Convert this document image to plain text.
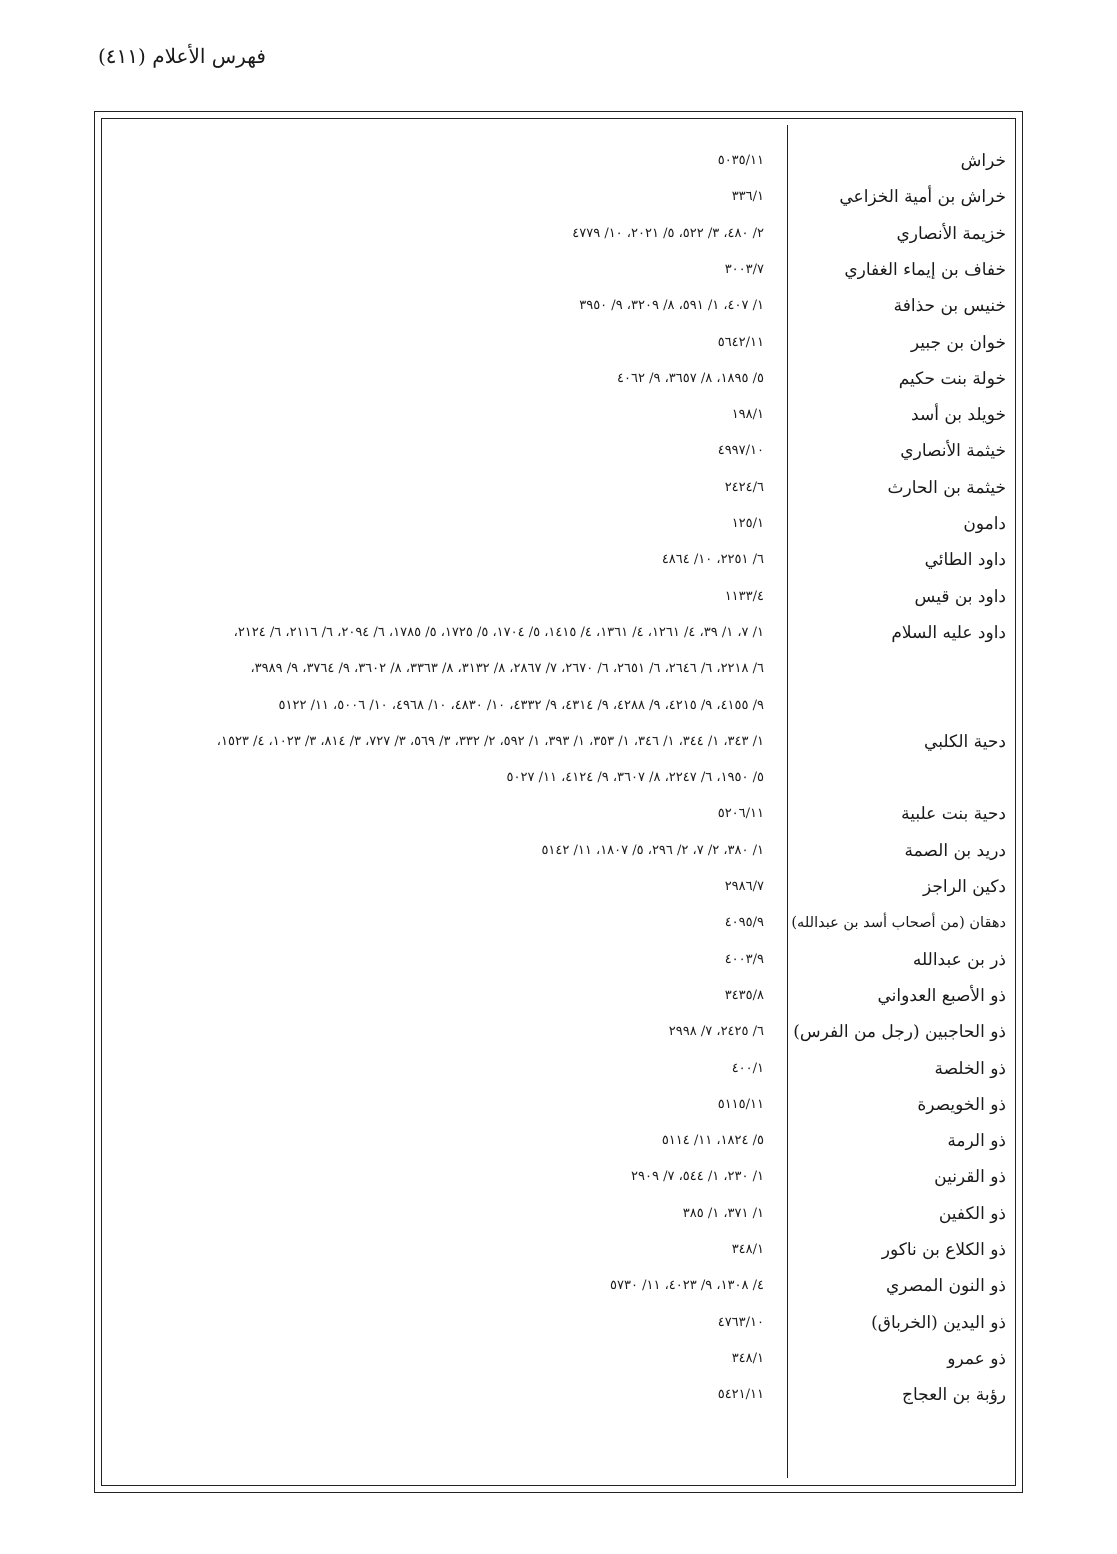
فهرس الأعلام (٤١١)
خراش
٥٠٣٥/١١
خراش بن أمية الخزاعي
٣٣٦/١
خزيمة الأنصاري
٢/ ٤٨٠، ٣/ ٥٢٢، ٥/ ٢٠٢١، ١٠/ ٤٧٧٩
خفاف بن إيماء الغفاري
٣٠٠٣/٧
خنيس بن حذافة
١/ ٤٠٧، ١/ ٥٩١، ٨/ ٣٢٠٩، ٩/ ٣٩٥٠
خوان بن جبير
٥٦٤٢/١١
خولة بنت حكيم
٥/ ١٨٩٥، ٨/ ٣٦٥٧، ٩/ ٤٠٦٢
خويلد بن أسد
١٩٨/١
خيثمة الأنصاري
٤٩٩٧/١٠
خيثمة بن الحارث
٢٤٢٤/٦
دامون
١٢٥/١
داود الطائي
٦/ ٢٢٥١، ١٠/ ٤٨٦٤
داود بن قيس
١١٣٣/٤
داود عليه السلام
١/ ٧، ١/ ٣٩، ٤/ ١٢٦١، ٤/ ١٣٦١، ٤/ ١٤١٥، ٥/ ١٧٠٤، ٥/ ١٧٢٥، ٥/ ١٧٨٥، ٦/ ٢٠٩٤، ٦/ ٢١١٦، ٦/ ٢١٢٤،
٦/ ٢٢١٨، ٦/ ٢٦٤٦، ٦/ ٢٦٥١، ٦/ ٢٦٧٠، ٧/ ٢٨٦٧، ٨/ ٣١٣٢، ٨/ ٣٣٦٣، ٨/ ٣٦٠٢، ٩/ ٣٧٦٤، ٩/ ٣٩٨٩،
٩/ ٤١٥٥، ٩/ ٤٢١٥، ٩/ ٤٢٨٨، ٩/ ٤٣١٤، ٩/ ٤٣٣٢، ١٠/ ٤٨٣٠، ١٠/ ٤٩٦٨، ١٠/ ٥٠٠٦، ١١/ ٥١٢٢
دحية الكلبي
١/ ٣٤٣، ١/ ٣٤٤، ١/ ٣٤٦، ١/ ٣٥٣، ١/ ٣٩٣، ١/ ٥٩٢، ٢/ ٣٣٢، ٣/ ٥٦٩، ٣/ ٧٢٧، ٣/ ٨١٤، ٣/ ١٠٢٣، ٤/ ١٥٢٣،
٥/ ١٩٥٠، ٦/ ٢٢٤٧، ٨/ ٣٦٠٧، ٩/ ٤١٢٤، ١١/ ٥٠٢٧
دحية بنت علبية
٥٢٠٦/١١
دريد بن الصمة
١/ ٣٨٠، ٢/ ٧، ٢/ ٢٩٦، ٥/ ١٨٠٧، ١١/ ٥١٤٢
دكين الراجز
٢٩٨٦/٧
دهقان (من أصحاب أسد بن عبدالله)
٤٠٩٥/٩
ذر بن عبدالله
٤٠٠٣/٩
ذو الأصبع العدواني
٣٤٣٥/٨
ذو الحاجبين (رجل من الفرس)
٦/ ٢٤٢٥، ٧/ ٢٩٩٨
ذو الخلصة
٤٠٠/١
ذو الخويصرة
٥١١٥/١١
ذو الرمة
٥/ ١٨٢٤، ١١/ ٥١١٤
ذو القرنين
١/ ٢٣٠، ١/ ٥٤٤، ٧/ ٢٩٠٩
ذو الكفين
١/ ٣٧١، ١/ ٣٨٥
ذو الكلاع بن ناكور
٣٤٨/١
ذو النون المصري
٤/ ١٣٠٨، ٩/ ٤٠٢٣، ١١/ ٥٧٣٠
ذو اليدين (الخرباق)
٤٧٦٣/١٠
ذو عمرو
٣٤٨/١
رؤبة بن العجاج
٥٤٢١/١١
